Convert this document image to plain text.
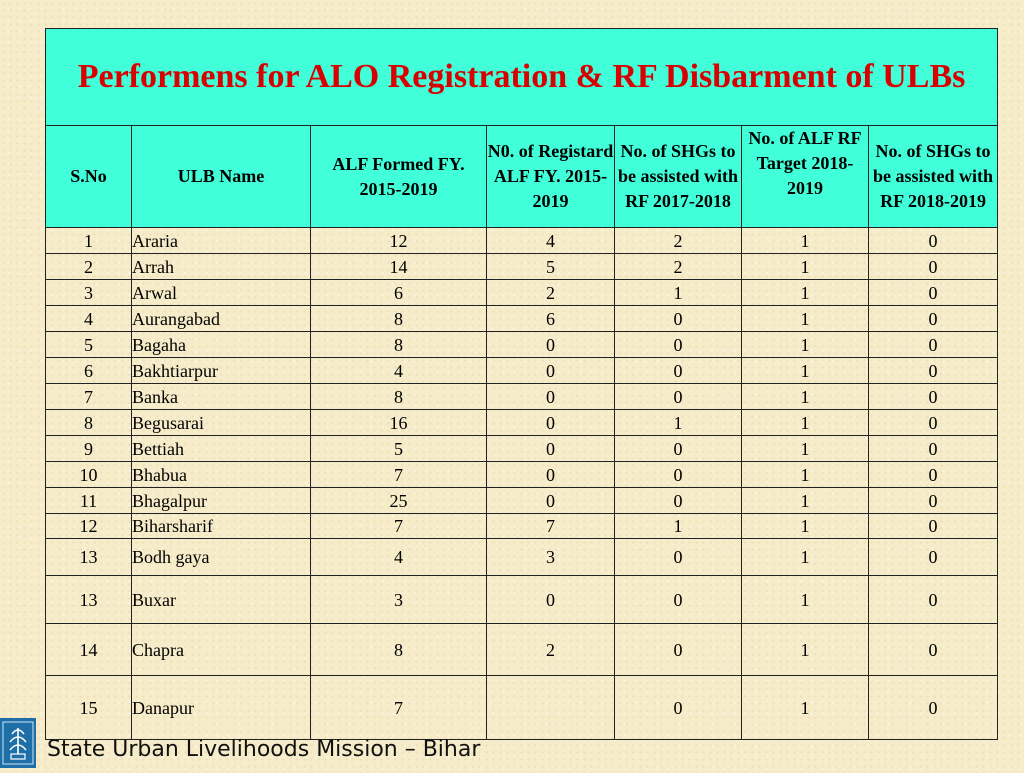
Performens for ALO Registration & RF Disbarment of ULBs						
S.No	ULB Name	ALF Formed FY. 2015-2019	N0. of Registard ALF FY. 2015-2019	No. of SHGs to be assisted with RF 2017-2018	No. of ALF RF Target 2018-2019	No. of SHGs to be assisted with RF 2018-2019
1	Araria	12	4	2	1	0
2	Arrah	14	5	2	1	0
3	Arwal	6	2	1	1	0
4	Aurangabad	8	6	0	1	0
5	Bagaha	8	0	0	1	0
6	Bakhtiarpur	4	0	0	1	0
7	Banka	8	0	0	1	0
8	Begusarai	16	0	1	1	0
9	Bettiah	5	0	0	1	0
10	Bhabua	7	0	0	1	0
11	Bhagalpur	25	0	0	1	0
12	Biharsharif	7	7	1	1	0
13	Bodh gaya	4	3	0	1	0
13	Buxar	3	0	0	1	0
14	Chapra	8	2	0	1	0
15	Danapur	7		0	1	0
State Urban Livelihoods Mission – Bihar
